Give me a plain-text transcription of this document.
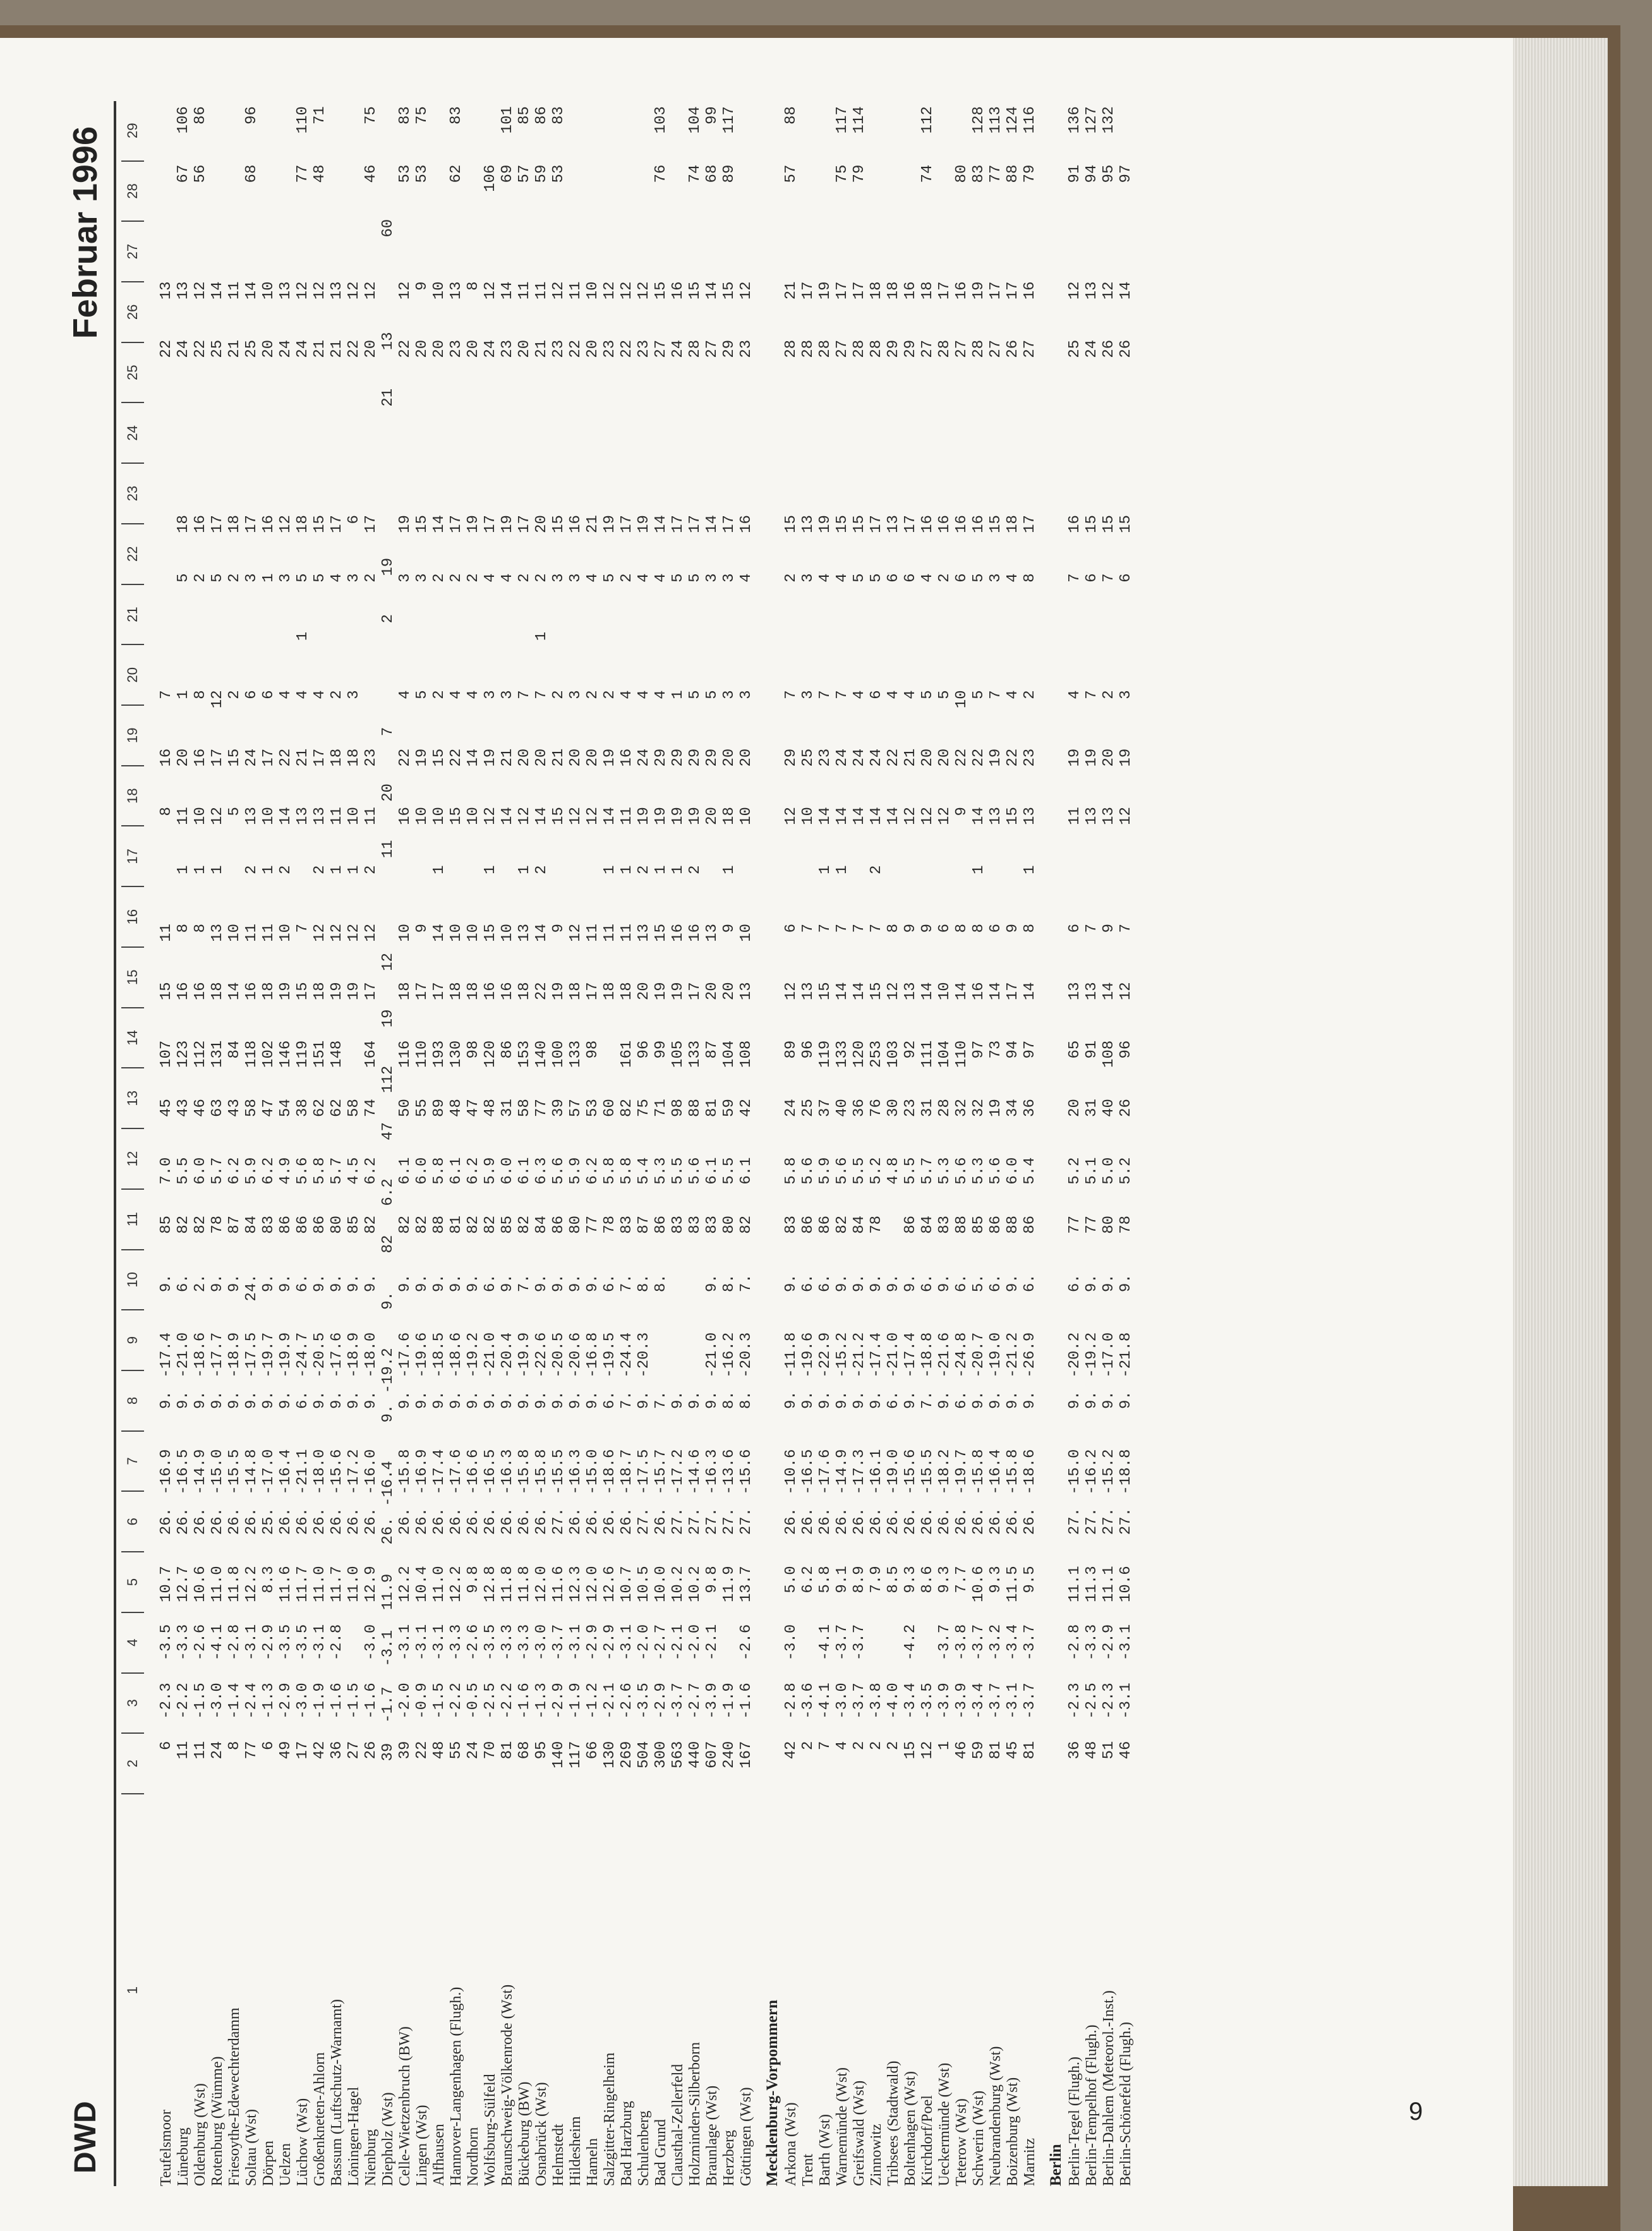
DWD
Februar 1996
1
2
3
4
5
6
7
8
9
10
11
12
13
14
15
16
17
18
19
20
21
22
23
24
25
26
27
28
29
Teufelsmoor
6
-2.3
-3.5
10.7
26.
-16.9
9.
-17.4
9.
85
7.0
45
107
15
11
8
16
7
22
13
Lüneburg
11
-2.2
-3.3
12.7
26.
-16.5
9.
-21.0
6.
82
5.5
43
123
16
8
1
11
20
1
5
18
24
13
67
106
Oldenburg (Wst)
11
-1.5
-2.6
10.6
26.
-14.9
9.
-18.6
2.
82
6.0
46
112
16
8
1
10
16
8
2
16
22
12
56
86
Rotenburg (Wümme)
24
-3.0
-4.1
11.0
26.
-15.0
9.
-17.7
9.
78
5.7
63
131
18
13
1
12
17
12
5
17
25
14
Friesoythe-Edewechterdamm
8
-1.4
-2.8
11.8
26.
-15.5
9.
-18.9
9.
87
6.2
43
84
14
10
5
15
2
2
18
21
11
Soltau (Wst)
77
-2.4
-3.1
12.2
26.
-14.8
9.
-17.5
24.
84
5.9
58
118
16
11
2
13
24
6
3
17
25
14
68
96
Dörpen
6
-1.3
-2.9
8.3
25.
-17.0
9.
-19.7
9.
83
6.2
47
102
18
11
1
10
17
6
1
16
20
10
Uelzen
49
-2.9
-3.5
11.6
26.
-16.4
9.
-19.9
9.
86
4.9
54
146
19
10
2
14
22
4
3
12
24
13
Lüchow (Wst)
17
-3.0
-3.5
11.7
26.
-21.1
6.
-24.7
6.
86
5.6
38
119
15
7
13
21
4
1
5
18
24
12
77
110
Großenkneten-Ahlorn
42
-1.9
-3.1
11.0
26.
-18.0
9.
-20.5
9.
86
5.8
62
151
18
12
2
13
17
4
5
15
21
12
48
71
Bassum (Luftschutz-Warnamt)
36
-1.6
-2.8
11.7
26.
-15.6
9.
-17.6
9.
80
5.7
62
148
19
12
1
11
18
2
4
17
21
13
Löningen-Hagel
27
-1.5
11.0
26.
-17.2
9.
-18.9
9.
85
4.5
58
19
12
1
10
18
3
3
6
22
12
Nienburg
26
-1.6
-3.0
12.9
26.
-16.0
9.
-18.0
9.
82
6.2
74
164
17
12
2
11
23
2
17
20
12
46
75
Diepholz (Wst)
39
-1.7
-3.1
11.9
26.
-16.4
9.
-19.2
9.
82
6.2
47
112
19
12
11
20
7
2
19
21
13
60
Celle-Wietzenbruch (BW)
39
-2.0
-3.1
12.2
26.
-15.8
9.
-17.6
9.
82
6.1
50
116
18
10
16
22
4
3
19
22
12
53
83
Lingen (Wst)
22
-0.9
-3.1
10.4
26.
-16.9
9.
-19.6
9.
82
6.0
55
110
17
9
10
19
5
3
15
20
9
53
75
Alfhausen
48
-1.5
-3.1
11.0
26.
-17.4
9.
-18.5
9.
88
5.8
89
193
17
14
1
10
15
2
2
14
20
10
Hannover-Langenhagen (Flugh.)
55
-2.2
-3.3
12.2
26.
-17.6
9.
-18.6
9.
81
6.1
48
130
18
10
15
22
4
2
17
23
13
62
83
Nordhorn
24
-0.5
-2.6
9.8
26.
-16.6
9.
-19.2
9.
82
6.2
47
98
18
10
10
14
4
2
19
20
8
Wolfsburg-Sülfeld
70
-2.5
-3.5
12.8
26.
-16.5
9.
-21.0
6.
82
5.9
48
120
16
15
1
12
19
3
4
17
24
12
106
Braunschweig-Völkenrode (Wst)
81
-2.2
-3.3
11.8
26.
-16.3
9.
-20.4
9.
85
6.0
31
86
16
10
14
21
3
4
19
23
14
69
101
Bückeburg (BW)
68
-1.6
-3.3
11.8
26.
-15.8
9.
-19.9
7.
82
6.1
58
153
18
13
1
12
20
7
2
17
20
11
57
85
Osnabrück (Wst)
95
-1.3
-3.0
12.0
26.
-15.8
9.
-22.6
9.
84
6.3
77
140
22
14
2
14
20
7
1
2
20
21
11
59
86
Helmstedt
140
-2.9
-3.7
11.6
27.
-15.5
9.
-20.5
9.
86
5.6
39
100
19
9
15
21
2
3
15
23
12
53
83
Hildesheim
117
-1.9
-3.1
12.3
26.
-16.3
9.
-20.6
9.
80
5.9
57
133
18
12
12
20
3
3
16
22
11
Hameln
66
-1.2
-2.9
12.0
26.
-15.0
9.
-16.8
9.
77
6.2
53
98
17
11
12
20
2
4
21
20
10
Salzgitter-Ringelheim
130
-2.1
-2.9
12.6
26.
-18.6
6.
-19.5
6.
78
5.8
60
18
11
1
14
19
2
5
19
23
12
Bad Harzburg
269
-2.6
-3.1
10.7
26.
-18.7
7.
-24.4
7.
83
5.8
82
161
18
11
1
11
16
4
2
17
22
12
Schulenberg
504
-3.5
-2.0
10.5
27.
-17.5
9.
-20.3
8.
87
5.4
75
96
20
13
2
19
24
4
4
19
23
12
Bad Grund
300
-2.9
-2.7
10.0
26.
-15.7
7.
8.
86
5.3
71
99
19
15
1
19
29
4
4
14
27
15
76
103
Clausthal-Zellerfeld
563
-3.7
-2.1
10.2
27.
-17.2
9.
83
5.5
98
105
19
16
1
19
29
1
5
17
24
16
Holzminden-Silberborn
440
-2.7
-2.0
10.2
27.
-14.6
9.
83
5.6
88
133
17
16
2
19
29
5
5
17
28
15
74
104
Braunlage (Wst)
607
-3.9
-2.1
9.8
27.
-16.3
9.
-21.0
9.
83
6.1
81
87
20
13
20
29
5
3
14
27
14
68
99
Herzberg
240
-1.9
11.9
27.
-13.6
8.
-16.2
8.
80
5.5
59
104
20
9
1
18
20
3
3
17
29
15
89
117
Göttingen (Wst)
167
-1.6
-2.6
13.7
27.
-15.6
8.
-20.3
7.
82
6.1
42
108
13
10
10
20
3
4
16
23
12
Mecklenburg-Vorpommern Arkona (Wst)
42
-2.8
-3.0
5.0
26.
-10.6
9.
-11.8
9.
83
5.8
24
89
12
6
12
29
7
2
15
28
21
57
88
Trent
2
-3.6
6.2
26.
-16.5
9.
-19.6
6.
86
5.6
25
96
13
7
10
25
3
3
13
28
17
Barth (Wst)
7
-4.1
-4.1
5.8
26.
-17.6
9.
-22.9
6.
86
5.9
37
119
15
7
1
14
23
7
4
19
28
19
Warnemünde (Wst)
4
-3.0
-3.7
9.1
26.
-14.9
9.
-15.2
9.
82
5.6
40
133
14
7
1
14
24
7
4
15
27
17
75
117
Greifswald (Wst)
2
-3.7
-3.7
8.9
26.
-17.3
9.
-21.2
9.
84
5.5
36
120
14
7
14
24
4
5
15
28
17
79
114
Zinnowitz
2
-3.8
7.9
26.
-16.1
9.
-17.4
9.
78
5.2
76
253
15
7
2
14
24
6
5
17
28
18
Tribsees (Stadtwald)
2
-4.0
8.5
26.
-19.0
6.
-21.0
9.
4.8
30
103
12
8
14
22
4
6
13
29
18
Boltenhagen (Wst)
15
-3.4
-4.2
9.3
26.
-15.6
9.
-17.4
9.
86
5.5
23
92
13
9
12
21
4
6
17
29
16
Kirchdorf/Poel
12
-3.5
8.6
26.
-15.5
7.
-18.8
6.
84
5.7
31
111
14
9
12
20
5
4
16
27
18
74
112
Ueckermünde (Wst)
1
-3.9
-3.7
9.3
26.
-18.2
9.
-21.6
9.
83
5.3
28
104
10
6
12
20
5
2
16
28
17
Teterow (Wst)
46
-3.9
-3.8
7.7
26.
-19.7
6.
-24.8
6.
88
5.6
32
110
14
8
9
22
10
6
16
27
16
80
Schwerin (Wst)
59
-3.4
-3.7
10.6
26.
-15.8
9.
-20.7
5.
85
5.3
32
97
16
8
1
14
22
5
5
16
28
19
83
128
Neubrandenburg (Wst)
81
-3.7
-3.2
9.3
26.
-16.4
9.
-19.0
6.
86
5.6
19
73
14
6
13
19
7
3
15
27
17
77
113
Boizenburg (Wst)
45
-3.1
-3.4
11.5
26.
-15.8
9.
-21.2
9.
88
6.0
34
94
17
9
15
22
4
4
18
26
17
88
124
Marnitz
81
-3.7
-3.7
9.5
26.
-18.6
9.
-26.9
6.
86
5.4
36
97
14
8
1
13
23
2
8
17
27
16
79
116
Berlin Berlin-Tegel (Flugh.)
36
-2.3
-2.8
11.1
27.
-15.0
9.
-20.2
6.
77
5.2
20
65
13
6
11
19
4
7
16
25
12
91
136
Berlin-Tempelhof (Flugh.)
48
-2.5
-3.3
11.3
27.
-16.2
9.
-19.2
9.
77
5.1
31
91
13
7
13
19
7
6
15
24
13
94
127
Berlin-Dahlem (Meteorol.-Inst.)
51
-2.3
-2.9
11.1
27.
-15.2
9.
-17.0
9.
80
5.0
40
108
14
9
13
20
2
7
15
26
12
95
132
Berlin-Schönefeld (Flugh.)
46
-3.1
-3.1
10.6
27.
-18.8
9.
-21.8
9.
78
5.2
26
96
12
7
12
19
3
6
15
26
14
97
9
